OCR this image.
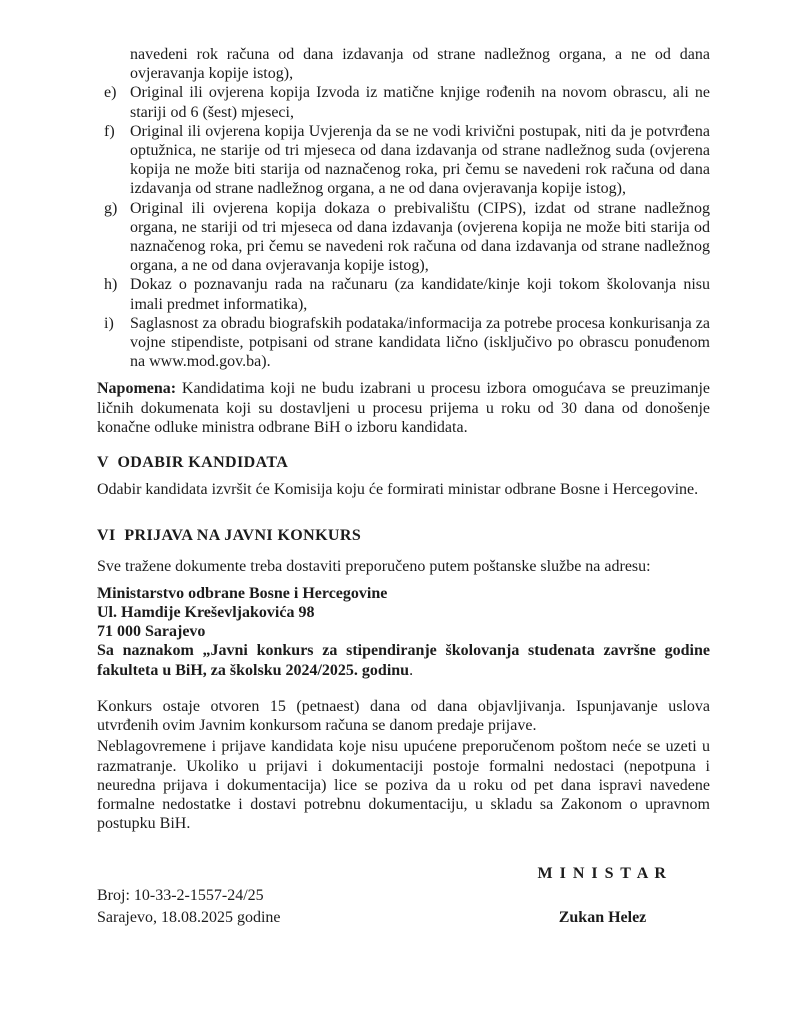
navedeni rok računa od dana izdavanja od strane nadležnog organa, a ne od dana ovjeravanja kopije istog),

e) Original ili ovjerena kopija Izvoda iz matične knjige rođenih na novom obrascu, ali ne stariji od 6 (šest) mjeseci,
f) Original ili ovjerena kopija Uvjerenja da se ne vodi krivični postupak, niti da je potvrđena optužnica, ne starije od tri mjeseca od dana izdavanja od strane nadležnog suda (ovjerena kopija ne može biti starija od naznačenog roka, pri čemu se navedeni rok računa od dana izdavanja od strane nadležnog organa, a ne od dana ovjeravanja kopije istog),
g) Original ili ovjerena kopija dokaza o prebivalištu (CIPS), izdat od strane nadležnog organa, ne stariji od tri mjeseca od dana izdavanja (ovjerena kopija ne može biti starija od naznačenog roka, pri čemu se navedeni rok računa od dana izdavanja od strane nadležnog organa, a ne od dana ovjeravanja kopije istog),
h) Dokaz o poznavanju rada na računaru (za kandidate/kinje koji tokom školovanja nisu imali predmet informatika),
i) Saglasnost za obradu biografskih podataka/informacija za potrebe procesa konkurisanja za vojne stipendiste, potpisani od strane kandidata lično (isključivo po obrascu ponuđenom na www.mod.gov.ba).

Napomena: Kandidatima koji ne budu izabrani u procesu izbora omogućava se preuzimanje ličnih dokumenata koji su dostavljeni u procesu prijema u roku od 30 dana od donošenje konačne odluke ministra odbrane BiH o izboru kandidata.

V  ODABIR KANDIDATA

Odabir kandidata izvršit će Komisija koju će formirati ministar odbrane Bosne i Hercegovine.

VI  PRIJAVA NA JAVNI KONKURS

Sve tražene dokumente treba dostaviti preporučeno putem poštanske službe na adresu:

Ministarstvo odbrane Bosne i Hercegovine

Ul. Hamdije Kreševljakovića 98

71 000 Sarajevo

Sa naznakom „Javni konkurs za stipendiranje školovanja studenata završne godine fakulteta u BiH, za školsku 2024/2025. godinu.

Konkurs ostaje otvoren 15 (petnaest) dana od dana objavljivanja. Ispunjavanje uslova utvrđenih ovim Javnim konkursom računa se danom predaje prijave.

Neblagovremene i prijave kandidata koje nisu upućene preporučenom poštom neće se uzeti u razmatranje. Ukoliko u prijavi i dokumentaciji postoje formalni nedostaci (nepotpuna i neuredna prijava i dokumentacija) lice se poziva da u roku od pet dana ispravi navedene formalne nedostatke i dostavi potrebnu dokumentaciju, u skladu sa Zakonom o upravnom postupku BiH.

M I N I S T A R
Broj: 10-33-2-1557-24/25
Sarajevo, 18.08.2025 godine	Zukan Helez
